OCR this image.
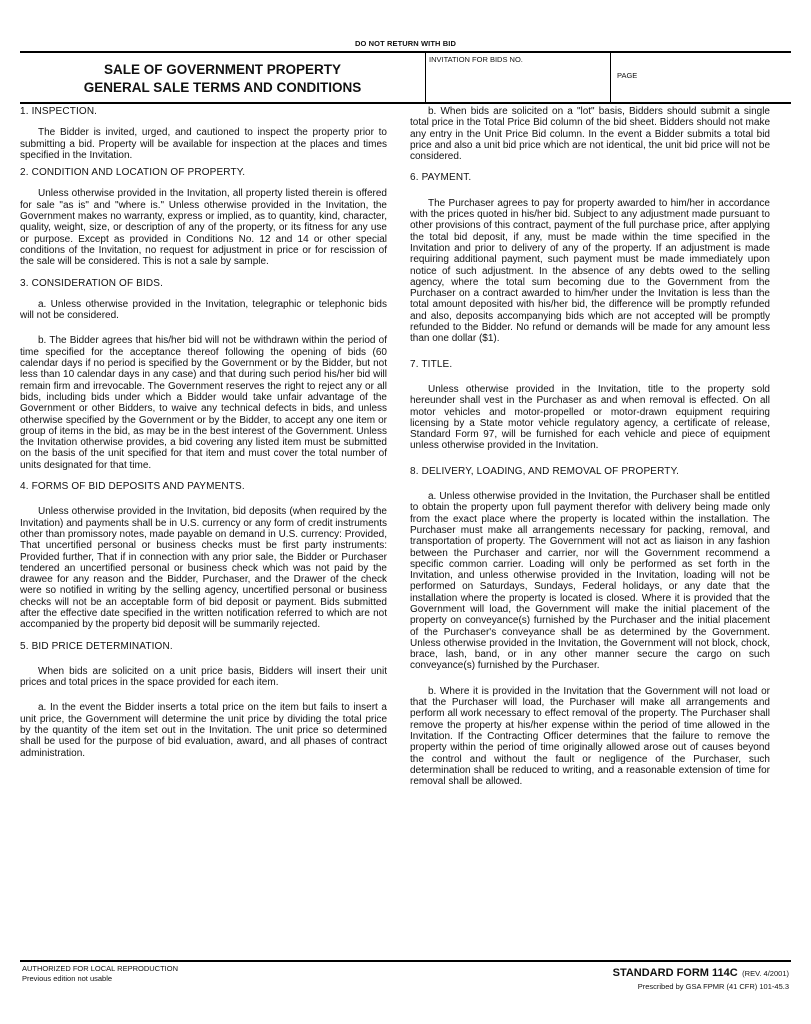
DO NOT RETURN WITH BID
SALE OF GOVERNMENT PROPERTY
GENERAL SALE TERMS AND CONDITIONS
INVITATION FOR BIDS NO.
PAGE
1. INSPECTION.

The Bidder is invited, urged, and cautioned to inspect the property prior to submitting a bid. Property will be available for inspection at the places and times specified in the Invitation.

2. CONDITION AND LOCATION OF PROPERTY.

Unless otherwise provided in the Invitation, all property listed therein is offered for sale "as is" and "where is." Unless otherwise provided in the Invitation, the Government makes no warranty, express or implied, as to quantity, kind, character, quality, weight, size, or description of any of the property, or its fitness for any use or purpose. Except as provided in Conditions No. 12 and 14 or other special conditions of the Invitation, no request for adjustment in price or for rescission of the sale will be considered. This is not a sale by sample.

3. CONSIDERATION OF BIDS.

a. Unless otherwise provided in the Invitation, telegraphic or telephonic bids will not be considered.

b. The Bidder agrees that his/her bid will not be withdrawn within the period of time specified for the acceptance thereof following the opening of bids (60 calendar days if no period is specified by the Government or by the Bidder, but not less than 10 calendar days in any case) and that during such period his/her bid will remain firm and irrevocable. The Government reserves the right to reject any or all bids, including bids under which a Bidder would take unfair advantage of the Government or other Bidders, to waive any technical defects in bids, and unless otherwise specified by the Government or by the Bidder, to accept any one item or group of items in the bid, as may be in the best interest of the Government. Unless the Invitation otherwise provides, a bid covering any listed item must be submitted on the basis of the unit specified for that item and must cover the total number of units designated for that time.

4. FORMS OF BID DEPOSITS AND PAYMENTS.

Unless otherwise provided in the Invitation, bid deposits (when required by the Invitation) and payments shall be in U.S. currency or any form of credit instruments other than promissory notes, made payable on demand in U.S. currency: Provided, That uncertified personal or business checks must be first party instruments: Provided further, That if in connection with any prior sale, the Bidder or Purchaser tendered an uncertified personal or business check which was not paid by the drawee for any reason and the Bidder, Purchaser, and the Drawer of the check were so notified in writing by the selling agency, uncertified personal or business checks will not be an acceptable form of bid deposit or payment. Bids submitted after the effective date specified in the written notification referred to which are not accompanied by the property bid deposit will be summarily rejected.

5. BID PRICE DETERMINATION.

When bids are solicited on a unit price basis, Bidders will insert their unit prices and total prices in the space provided for each item.

a. In the event the Bidder inserts a total price on the item but fails to insert a unit price, the Government will determine the unit price by dividing the total price by the quantity of the item set out in the Invitation. The unit price so determined shall be used for the purpose of bid evaluation, award, and all phases of contract administration.

b. When bids are solicited on a "lot" basis, Bidders should submit a single total price in the Total Price Bid column of the bid sheet. Bidders should not make any entry in the Unit Price Bid column. In the event a Bidder submits a total bid price and also a unit bid price which are not identical, the unit bid price will not be considered.

6. PAYMENT.

The Purchaser agrees to pay for property awarded to him/her in accordance with the prices quoted in his/her bid. Subject to any adjustment made pursuant to other provisions of this contract, payment of the full purchase price, after applying the total bid deposit, if any, must be made within the time specified in the Invitation and prior to delivery of any of the property. If an adjustment is made requiring additional payment, such payment must be made immediately upon notice of such adjustment. In the absence of any debts owed to the selling agency, where the total sum becoming due to the Government from the Purchaser on a contract awarded to him/her under the Invitation is less than the total amount deposited with his/her bid, the difference will be promptly refunded and also, deposits accompanying bids which are not accepted will be promptly refunded to the Bidder. No refund or demands will be made for any amount less than one dollar ($1).

7. TITLE.

Unless otherwise provided in the Invitation, title to the property sold hereunder shall vest in the Purchaser as and when removal is effected. On all motor vehicles and motor-propelled or motor-drawn equipment requiring licensing by a State motor vehicle regulatory agency, a certificate of release, Standard Form 97, will be furnished for each vehicle and piece of equipment unless otherwise provided in the Invitation.

8. DELIVERY, LOADING, AND REMOVAL OF PROPERTY.

a. Unless otherwise provided in the Invitation, the Purchaser shall be entitled to obtain the property upon full payment therefor with delivery being made only from the exact place where the property is located within the installation. The Purchaser must make all arrangements necessary for packing, removal, and transportation of property. The Government will not act as liaison in any fashion between the Purchaser and carrier, nor will the Government recommend a specific common carrier. Loading will only be performed as set forth in the Invitation, and unless otherwise provided in the Invitation, loading will not be performed on Saturdays, Sundays, Federal holidays, or any date that the installation where the property is located is closed. Where it is provided that the Government will load, the Government will make the initial placement of the property on conveyance(s) furnished by the Purchaser and the initial placement of the Purchaser's conveyance shall be as determined by the Government. Unless otherwise provided in the Invitation, the Government will not block, chock, brace, lash, band, or in any other manner secure the cargo on such conveyance(s) furnished by the Purchaser.

b. Where it is provided in the Invitation that the Government will not load or that the Purchaser will load, the Purchaser will make all arrangements and perform all work necessary to effect removal of the property. The Purchaser shall remove the property at his/her expense within the period of time allowed in the Invitation. If the Contracting Officer determines that the failure to remove the property within the period of time originally allowed arose out of causes beyond the control and without the fault or negligence of the Purchaser, such determination shall be reduced to writing, and a reasonable extension of time for removal shall be allowed.

AUTHORIZED FOR LOCAL REPRODUCTION
Previous edition not usable	STANDARD FORM 114C (REV. 4/2001)
Prescribed by GSA FPMR (41 CFR) 101-45.3
